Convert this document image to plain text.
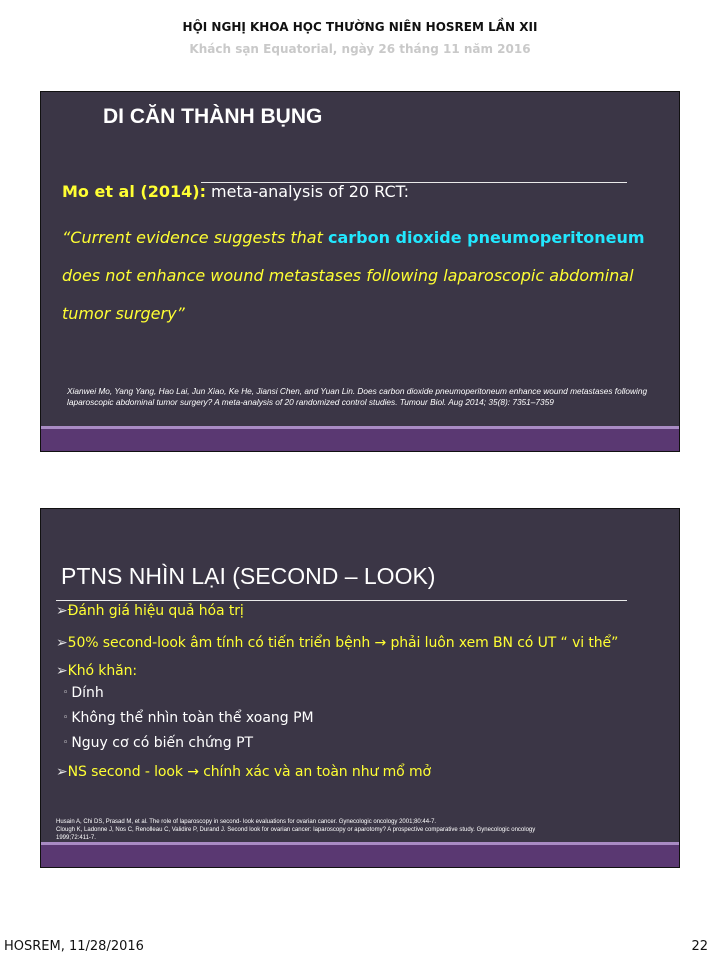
HỘI NGHỊ KHOA HỌC THƯỜNG NIÊN HOSREM LẦN XII
Khách sạn Equatorial, ngày 26 tháng 11 năm 2016
DI CĂN THÀNH BỤNG
Mo et al (2014): meta-analysis of 20 RCT:
“Current evidence suggests that carbon dioxide pneumoperitoneum
does not enhance wound metastases following laparoscopic abdominal
tumor surgery”
Xianwei Mo, Yang Yang, Hao Lai, Jun Xiao, Ke He, Jiansi Chen, and Yuan Lin. Does carbon dioxide pneumoperitoneum enhance wound metastases following laparoscopic abdominal tumor surgery? A meta-analysis of 20 randomized control studies. Tumour Biol. Aug 2014; 35(8): 7351–7359
PTNS NHÌN LẠI (SECOND – LOOK)
➢Đánh giá hiệu quả hóa trị
➢50% second-look âm tính có tiến triển bệnh → phải luôn xem BN có UT “ vi thể”
➢Khó khăn:
◦ Dính
◦ Không thể nhìn toàn thể xoang PM
◦ Nguy cơ có biến chứng PT
➢NS second - look → chính xác và an toàn như mổ mở
Husain A, Chi DS, Prasad M, et al. The role of laparoscopy in second- look evaluations for ovarian cancer. Gynecologic oncology 2001;80:44-7.
Clough K, Ladonne J, Nos C, Renolleau C, Validire P, Durand J. Second look for ovarian cancer: laparoscopy or aparotomy? A prospective comparative study. Gynecologic oncology
1999;72:411-7.
HOSREM, 11/28/2016	22
